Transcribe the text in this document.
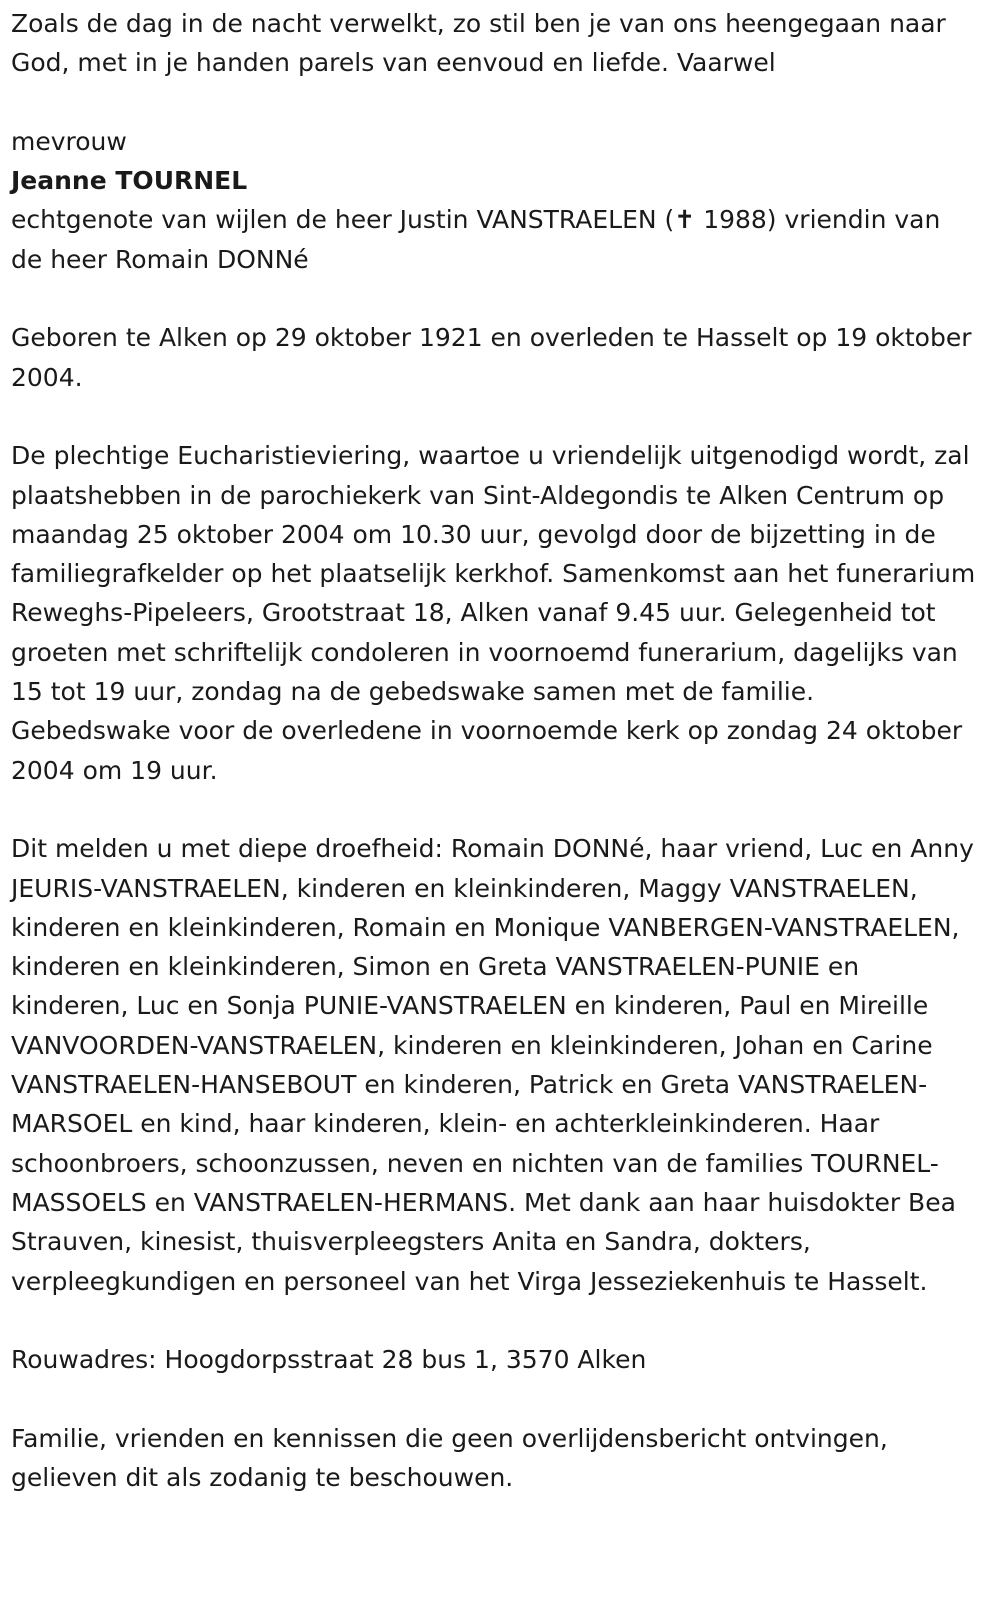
Zoals de dag in de nacht verwelkt, zo stil ben je van ons heengegaan naar God, met in je handen parels van eenvoud en liefde. Vaarwel

mevrouw

Jeanne TOURNEL

echtgenote van wijlen de heer Justin VANSTRAELEN (✝ 1988) vriendin van de heer Romain DONNé

Geboren te Alken op 29 oktober 1921 en overleden te Hasselt op 19 oktober 2004.

De plechtige Eucharistieviering, waartoe u vriendelijk uitgenodigd wordt, zal plaatshebben in de parochiekerk van Sint-Aldegondis te Alken Centrum op maandag 25 oktober 2004 om 10.30 uur, gevolgd door de bijzetting in de familiegrafkelder op het plaatselijk kerkhof. Samenkomst aan het funerarium Reweghs-Pipeleers, Grootstraat 18, Alken vanaf 9.45 uur. Gelegenheid tot groeten met schriftelijk condoleren in voornoemd funerarium, dagelijks van 15 tot 19 uur, zondag na de gebedswake samen met de familie. Gebedswake voor de overledene in voornoemde kerk op zondag 24 oktober 2004 om 19 uur.

Dit melden u met diepe droefheid: Romain DONNé, haar vriend, Luc en Anny JEURIS-VANSTRAELEN, kinderen en kleinkinderen, Maggy VANSTRAELEN, kinderen en kleinkinderen, Romain en Monique VANBERGEN-VANSTRAELEN, kinderen en kleinkinderen, Simon en Greta VANSTRAELEN-PUNIE en kinderen, Luc en Sonja PUNIE-VANSTRAELEN en kinderen, Paul en Mireille VANVOORDEN-VANSTRAELEN, kinderen en kleinkinderen, Johan en Carine VANSTRAELEN-HANSEBOUT en kinderen, Patrick en Greta VANSTRAELEN-MARSOEL en kind, haar kinderen, klein- en achterkleinkinderen. Haar schoonbroers, schoonzussen, neven en nichten van de families TOURNEL-MASSOELS en VANSTRAELEN-HERMANS. Met dank aan haar huisdokter Bea Strauven, kinesist, thuisverpleegsters Anita en Sandra, dokters, verpleegkundigen en personeel van het Virga Jesseziekenhuis te Hasselt.

Rouwadres: Hoogdorpsstraat 28 bus 1, 3570 Alken

Familie, vrienden en kennissen die geen overlijdensbericht ontvingen, gelieven dit als zodanig te beschouwen.
